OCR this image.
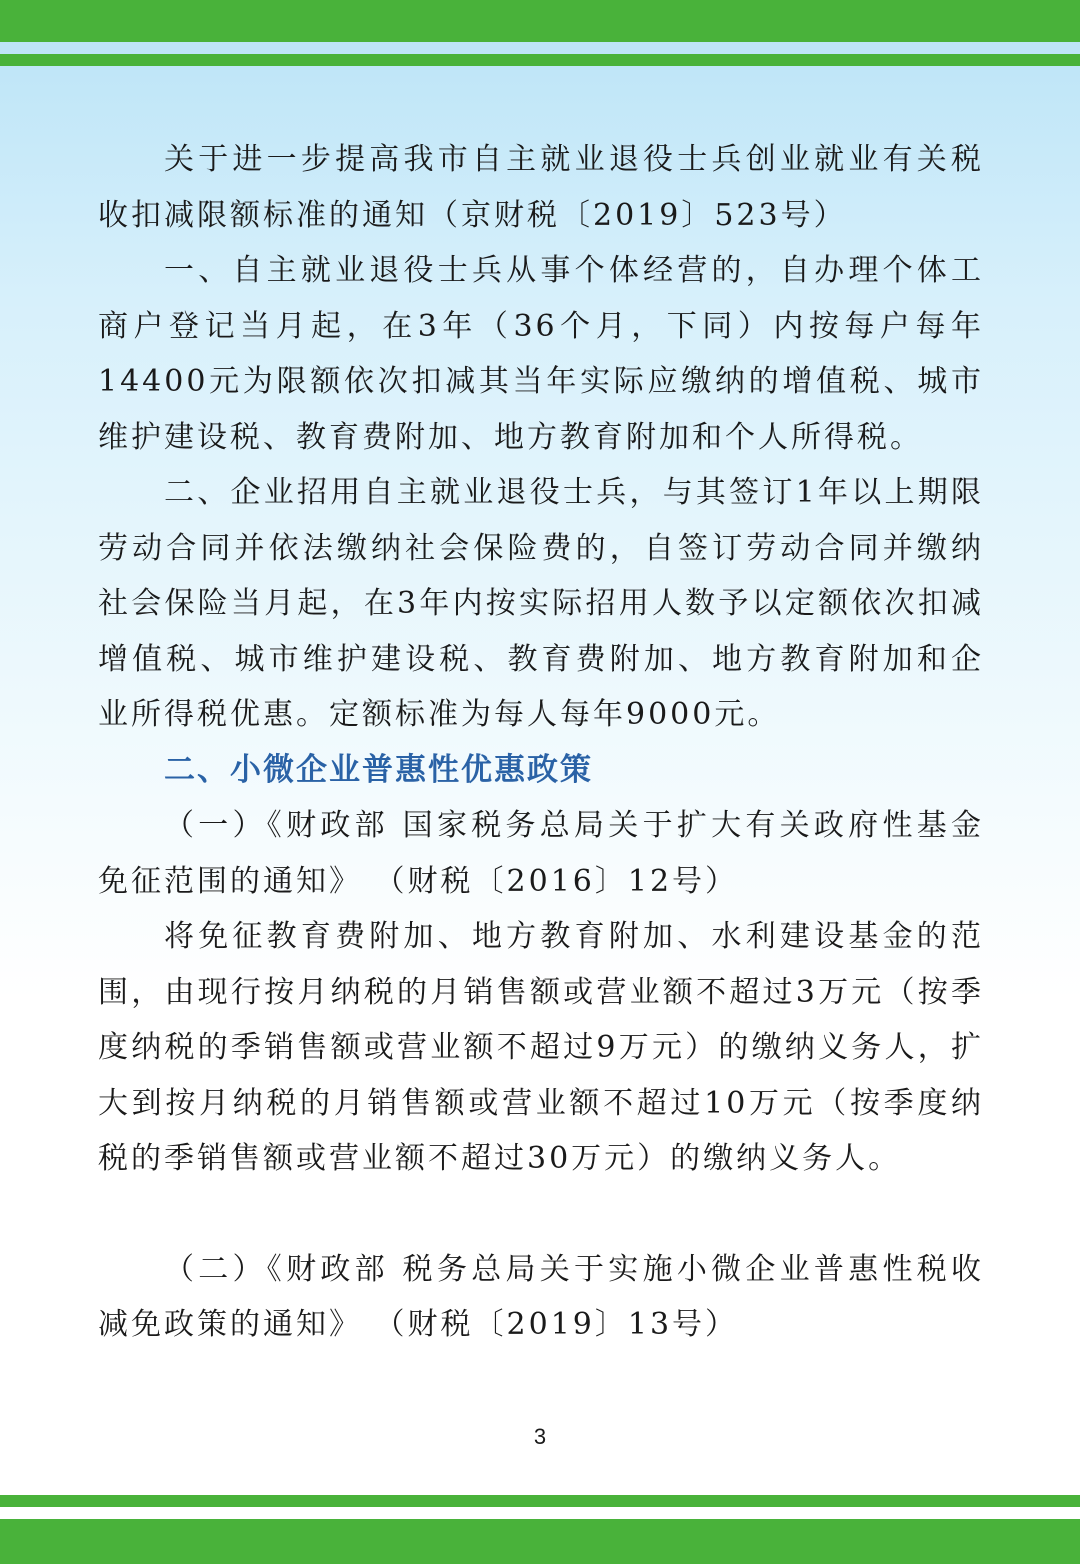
关于进一步提高我市自主就业退役士兵创业就业有关税收扣减限额标准的通知（京财税〔2019〕523号）

一、自主就业退役士兵从事个体经营的，自办理个体工商户登记当月起，在3年（36个月，下同）内按每户每年14400元为限额依次扣减其当年实际应缴纳的增值税、城市维护建设税、教育费附加、地方教育附加和个人所得税。

二、企业招用自主就业退役士兵，与其签订1年以上期限劳动合同并依法缴纳社会保险费的，自签订劳动合同并缴纳社会保险当月起，在3年内按实际招用人数予以定额依次扣减增值税、城市维护建设税、教育费附加、地方教育附加和企业所得税优惠。定额标准为每人每年9000元。

二、小微企业普惠性优惠政策

（一）《财政部 国家税务总局关于扩大有关政府性基金免征范围的通知》 （财税〔2016〕12号）

将免征教育费附加、地方教育附加、水利建设基金的范围，由现行按月纳税的月销售额或营业额不超过3万元（按季度纳税的季销售额或营业额不超过9万元）的缴纳义务人，扩大到按月纳税的月销售额或营业额不超过10万元（按季度纳税的季销售额或营业额不超过30万元）的缴纳义务人。

（二）《财政部 税务总局关于实施小微企业普惠性税收减免政策的通知》 （财税〔2019〕13号）

3
